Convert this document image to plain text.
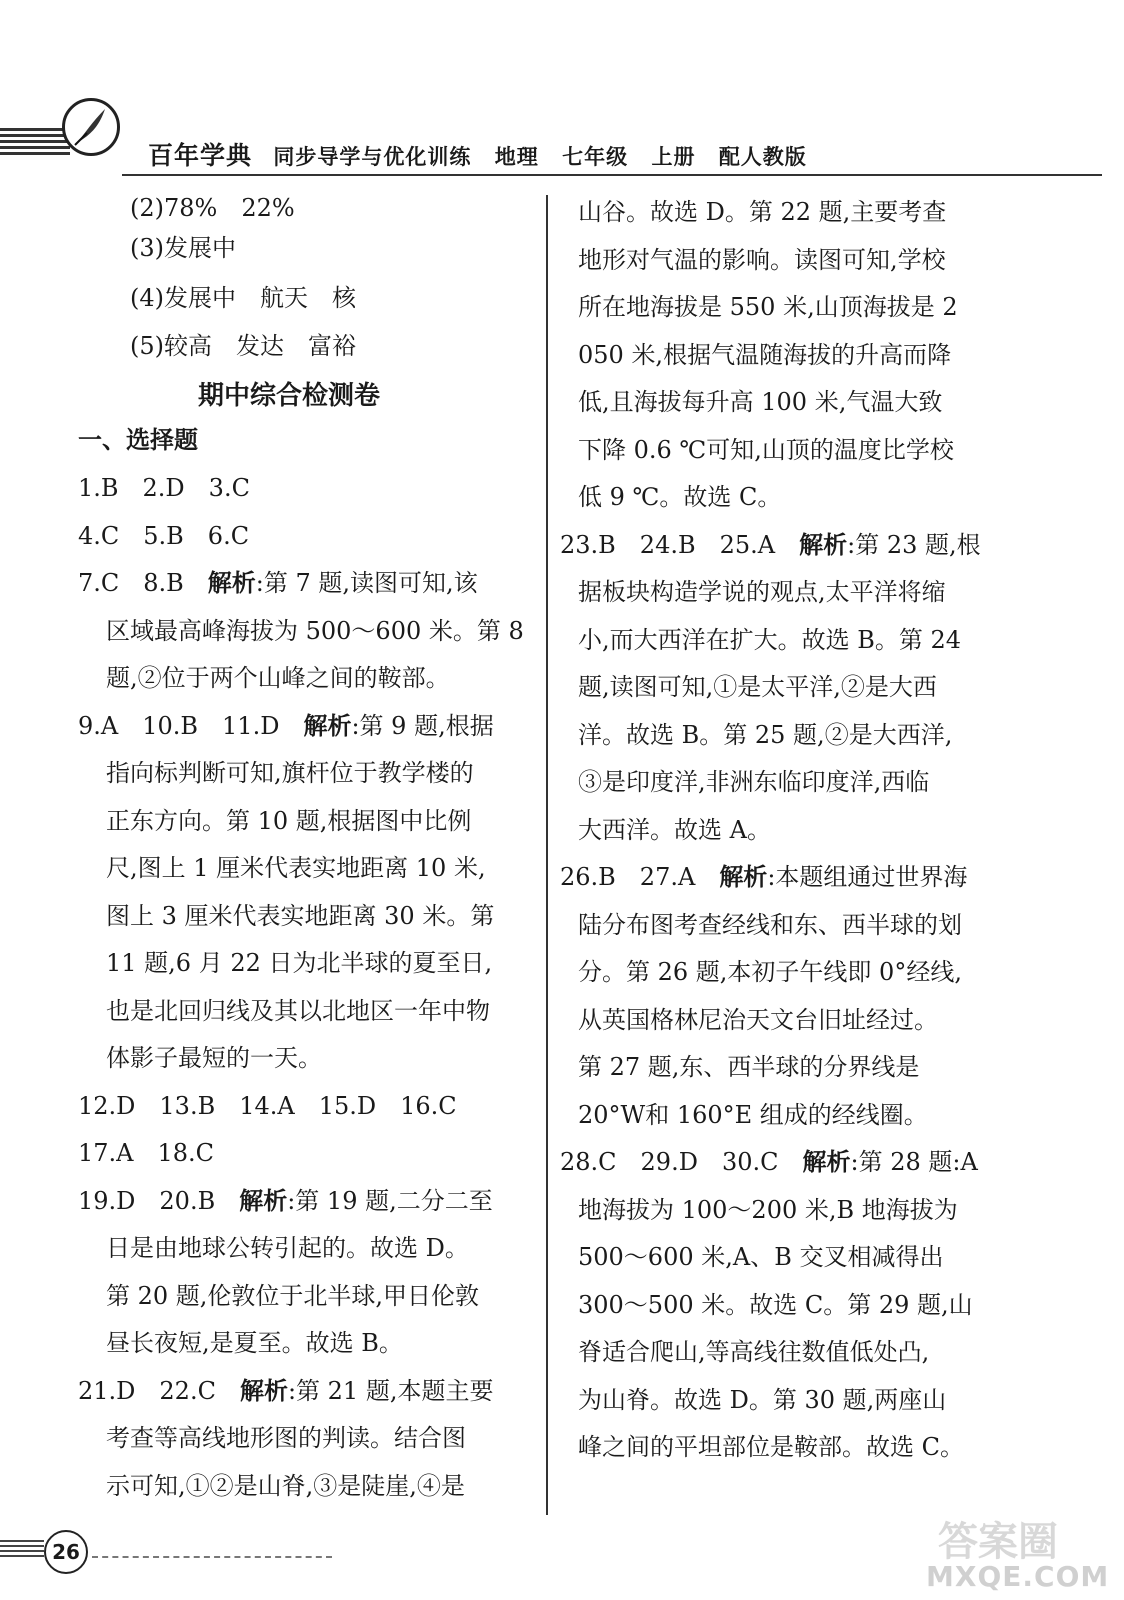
百年学典 同步导学与优化训练 地理 七年级 上册 配人教版
(2)78%　22%
(3)发展中
(4)发展中　航天　核
(5)较高　发达　富裕
期中综合检测卷
一、选择题
1.B　2.D　3.C
4.C　5.B　6.C
7.C　8.B　解析:第 7 题,读图可知,该
区域最高峰海拔为 500～600 米。第 8
题,②位于两个山峰之间的鞍部。
9.A　10.B　11.D　解析:第 9 题,根据
指向标判断可知,旗杆位于教学楼的
正东方向。第 10 题,根据图中比例
尺,图上 1 厘米代表实地距离 10 米,
图上 3 厘米代表实地距离 30 米。第
11 题,6 月 22 日为北半球的夏至日,
也是北回归线及其以北地区一年中物
体影子最短的一天。
12.D　13.B　14.A　15.D　16.C
17.A　18.C
19.D　20.B　解析:第 19 题,二分二至
日是由地球公转引起的。故选 D。
第 20 题,伦敦位于北半球,甲日伦敦
昼长夜短,是夏至。故选 B。
21.D　22.C　解析:第 21 题,本题主要
考查等高线地形图的判读。结合图
示可知,①②是山脊,③是陡崖,④是
山谷。故选 D。第 22 题,主要考查
地形对气温的影响。读图可知,学校
所在地海拔是 550 米,山顶海拔是 2
050 米,根据气温随海拔的升高而降
低,且海拔每升高 100 米,气温大致
下降 0.6 ℃可知,山顶的温度比学校
低 9 ℃。故选 C。
23.B　24.B　25.A　解析:第 23 题,根
据板块构造学说的观点,太平洋将缩
小,而大西洋在扩大。故选 B。第 24
题,读图可知,①是太平洋,②是大西
洋。故选 B。第 25 题,②是大西洋,
③是印度洋,非洲东临印度洋,西临
大西洋。故选 A。
26.B　27.A　解析:本题组通过世界海
陆分布图考查经线和东、西半球的划
分。第 26 题,本初子午线即 0°经线,
从英国格林尼治天文台旧址经过。
第 27 题,东、西半球的分界线是
20°W和 160°E 组成的经线圈。
28.C　29.D　30.C　解析:第 28 题:A
地海拔为 100～200 米,B 地海拔为
500～600 米,A、B 交叉相减得出
300～500 米。故选 C。第 29 题,山
脊适合爬山,等高线往数值低处凸,
为山脊。故选 D。第 30 题,两座山
峰之间的平坦部位是鞍部。故选 C。
26	答案圈
MXQE.COM
